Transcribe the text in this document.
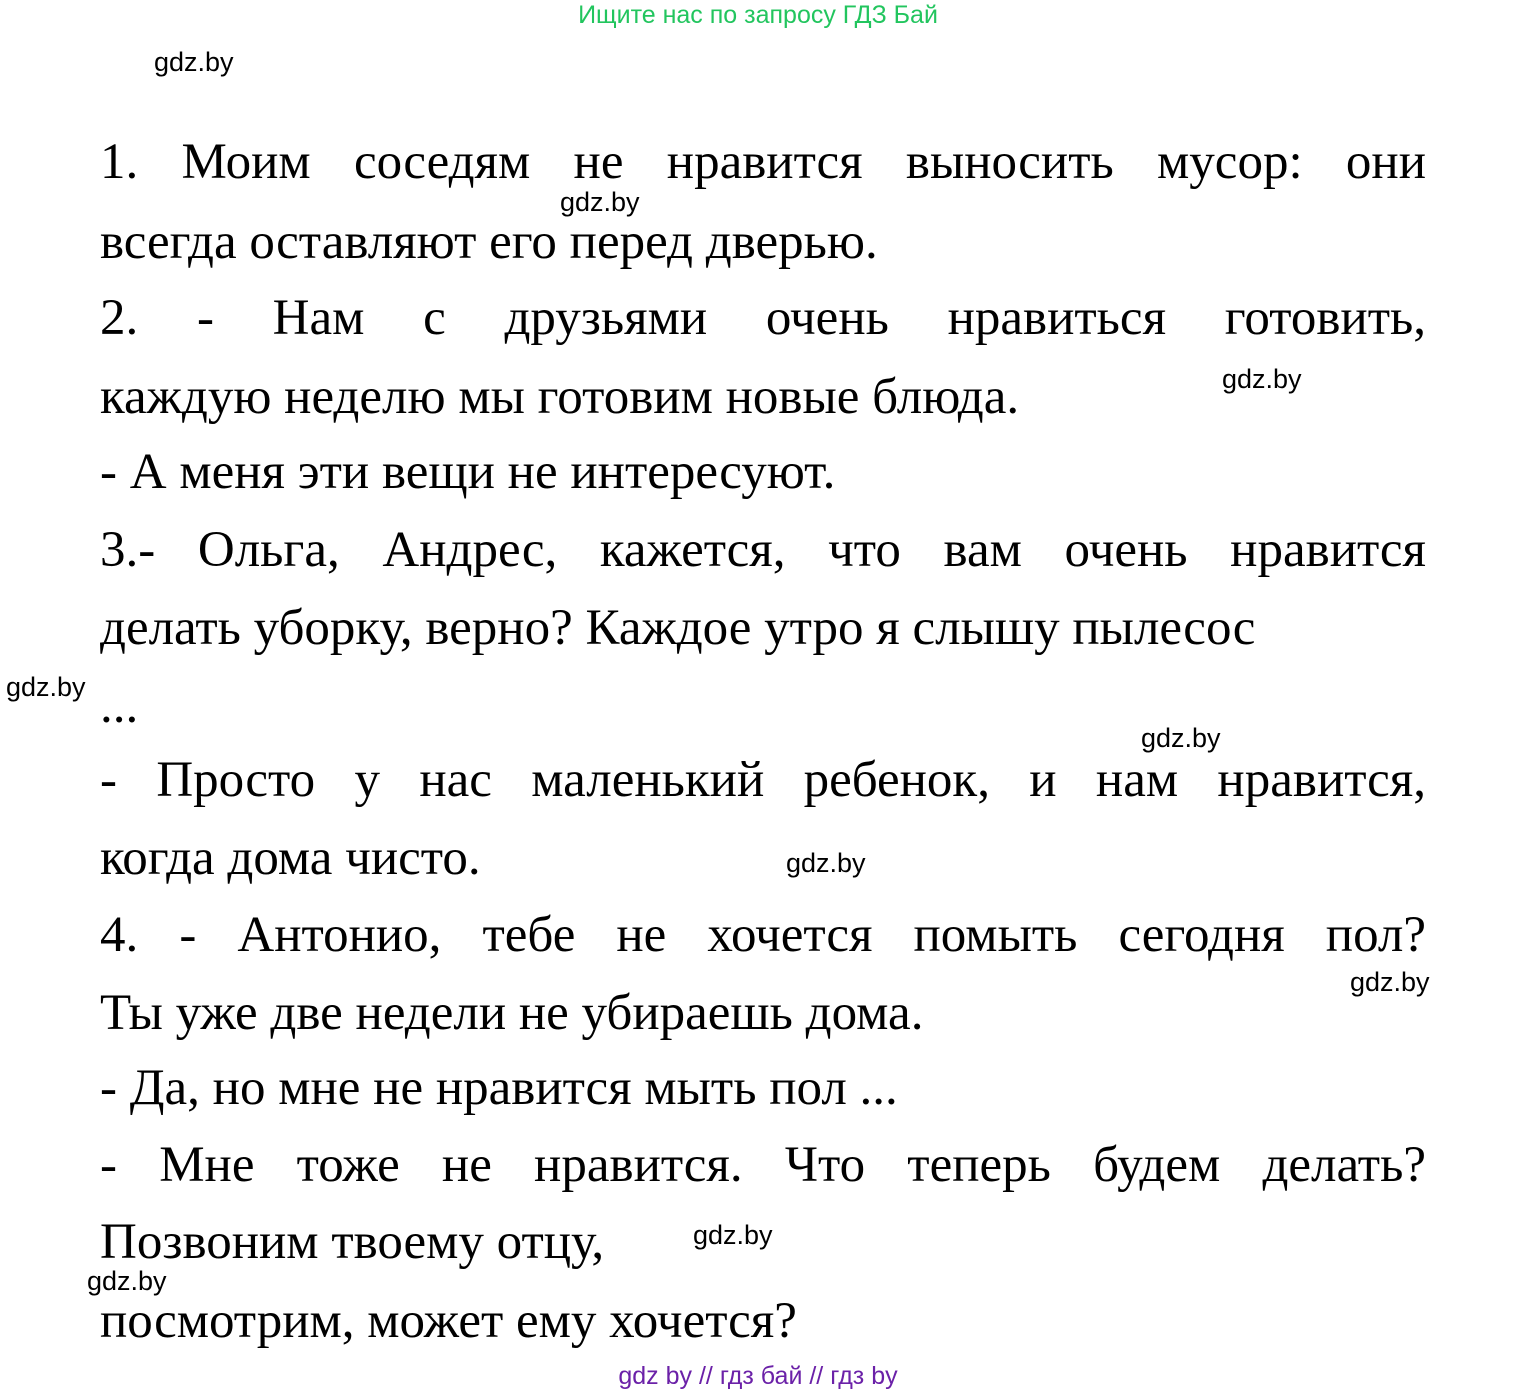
Ищите нас по запросу ГДЗ Бай
gdz.by
gdz.by
gdz.by
gdz.by
gdz.by
gdz.by
gdz.by
gdz.by
gdz.by
1. Моим соседям не нравится выносить мусор: они
всегда оставляют его перед дверью.
2. - Нам с друзьями очень нравиться готовить,
каждую неделю мы готовим новые блюда.
- А меня эти вещи не интересуют.
3.- Ольга, Андрес, кажется, что вам очень нравится
делать уборку, верно? Каждое утро я слышу пылесос
...
- Просто у нас маленький ребенок, и нам нравится,
когда дома чисто.
4. - Антонио, тебе не хочется помыть сегодня пол?
Ты уже две недели не убираешь дома.
- Да, но мне не нравится мыть пол ...
- Мне тоже не нравится. Что теперь будем делать?
Позвоним твоему отцу,
посмотрим, может ему хочется?
gdz by // гдз бай // гдз by
